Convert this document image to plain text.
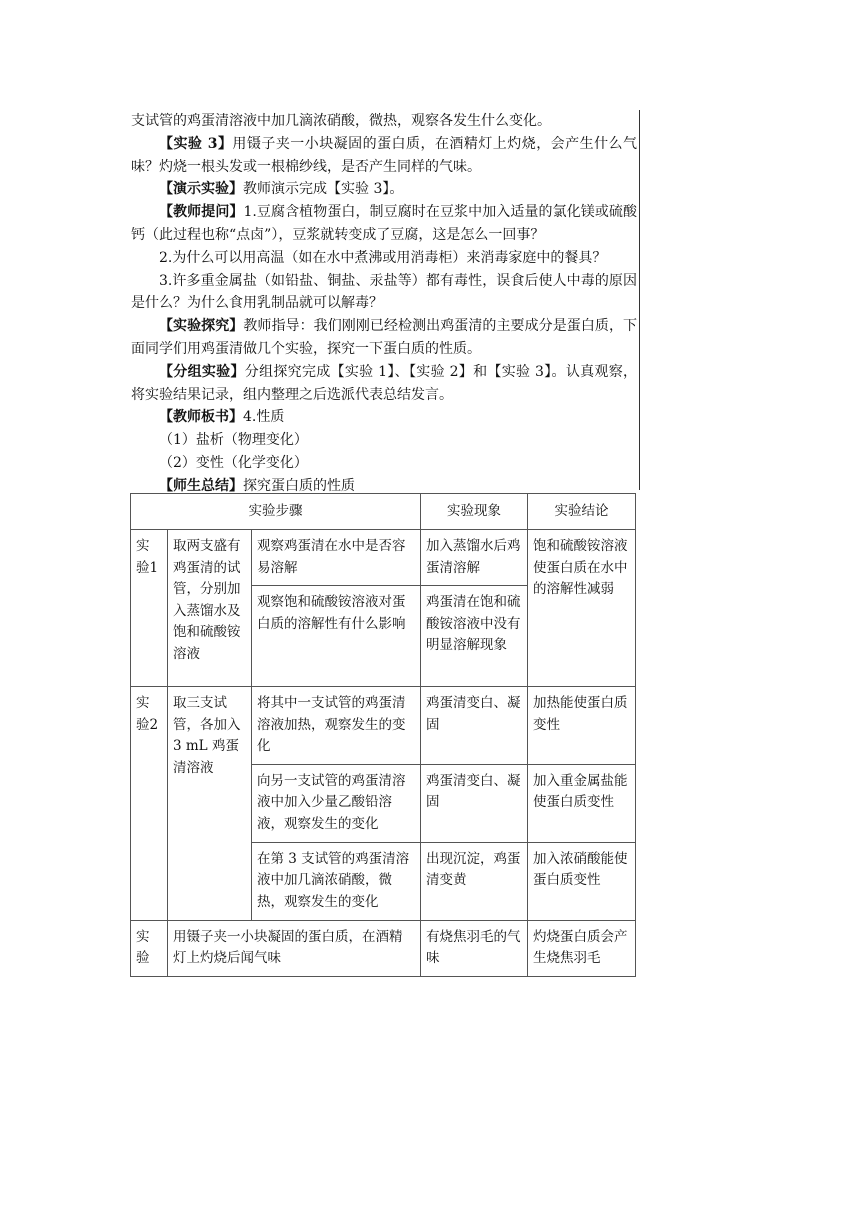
支试管的鸡蛋清溶液中加几滴浓硝酸，微热，观察各发生什么变化。

【实验 3】用镊子夹一小块凝固的蛋白质，在酒精灯上灼烧，会产生什么气味？灼烧一根头发或一根棉纱线，是否产生同样的气味。

【演示实验】教师演示完成【实验 3】。

【教师提问】1.豆腐含植物蛋白，制豆腐时在豆浆中加入适量的氯化镁或硫酸钙（此过程也称“点卤”），豆浆就转变成了豆腐，这是怎么一回事？

2.为什么可以用高温（如在水中煮沸或用消毒柜）来消毒家庭中的餐具？

3.许多重金属盐（如铅盐、铜盐、汞盐等）都有毒性，误食后使人中毒的原因是什么？为什么食用乳制品就可以解毒？

【实验探究】教师指导：我们刚刚已经检测出鸡蛋清的主要成分是蛋白质，下面同学们用鸡蛋清做几个实验，探究一下蛋白质的性质。

【分组实验】分组探究完成【实验 1】、【实验 2】和【实验 3】。认真观察，将实验结果记录，组内整理之后选派代表总结发言。

【教师板书】4.性质

（1）盐析（物理变化）

（2）变性（化学变化）

【师生总结】探究蛋白质的性质

实验步骤			实验现象	实验结论
实验1	取两支盛有鸡蛋清的试管，分别加入蒸馏水及饱和硫酸铵溶液	观察鸡蛋清在水中是否容易溶解	加入蒸馏水后鸡蛋清溶解	饱和硫酸铵溶液使蛋白质在水中的溶解性减弱
		观察饱和硫酸铵溶液对蛋白质的溶解性有什么影响	鸡蛋清在饱和硫酸铵溶液中没有明显溶解现象	
实验2	取三支试管，各加入 3 mL 鸡蛋清溶液	将其中一支试管的鸡蛋清溶液加热，观察发生的变化	鸡蛋清变白、凝固	加热能使蛋白质变性
		向另一支试管的鸡蛋清溶液中加入少量乙酸铅溶液，观察发生的变化	鸡蛋清变白、凝固	加入重金属盐能使蛋白质变性
		在第 3 支试管的鸡蛋清溶液中加几滴浓硝酸，微热，观察发生的变化	出现沉淀，鸡蛋清变黄	加入浓硝酸能使蛋白质变性
实验	用镊子夹一小块凝固的蛋白质，在酒精灯上灼烧后闻气味		有烧焦羽毛的气味	灼烧蛋白质会产生烧焦羽毛
